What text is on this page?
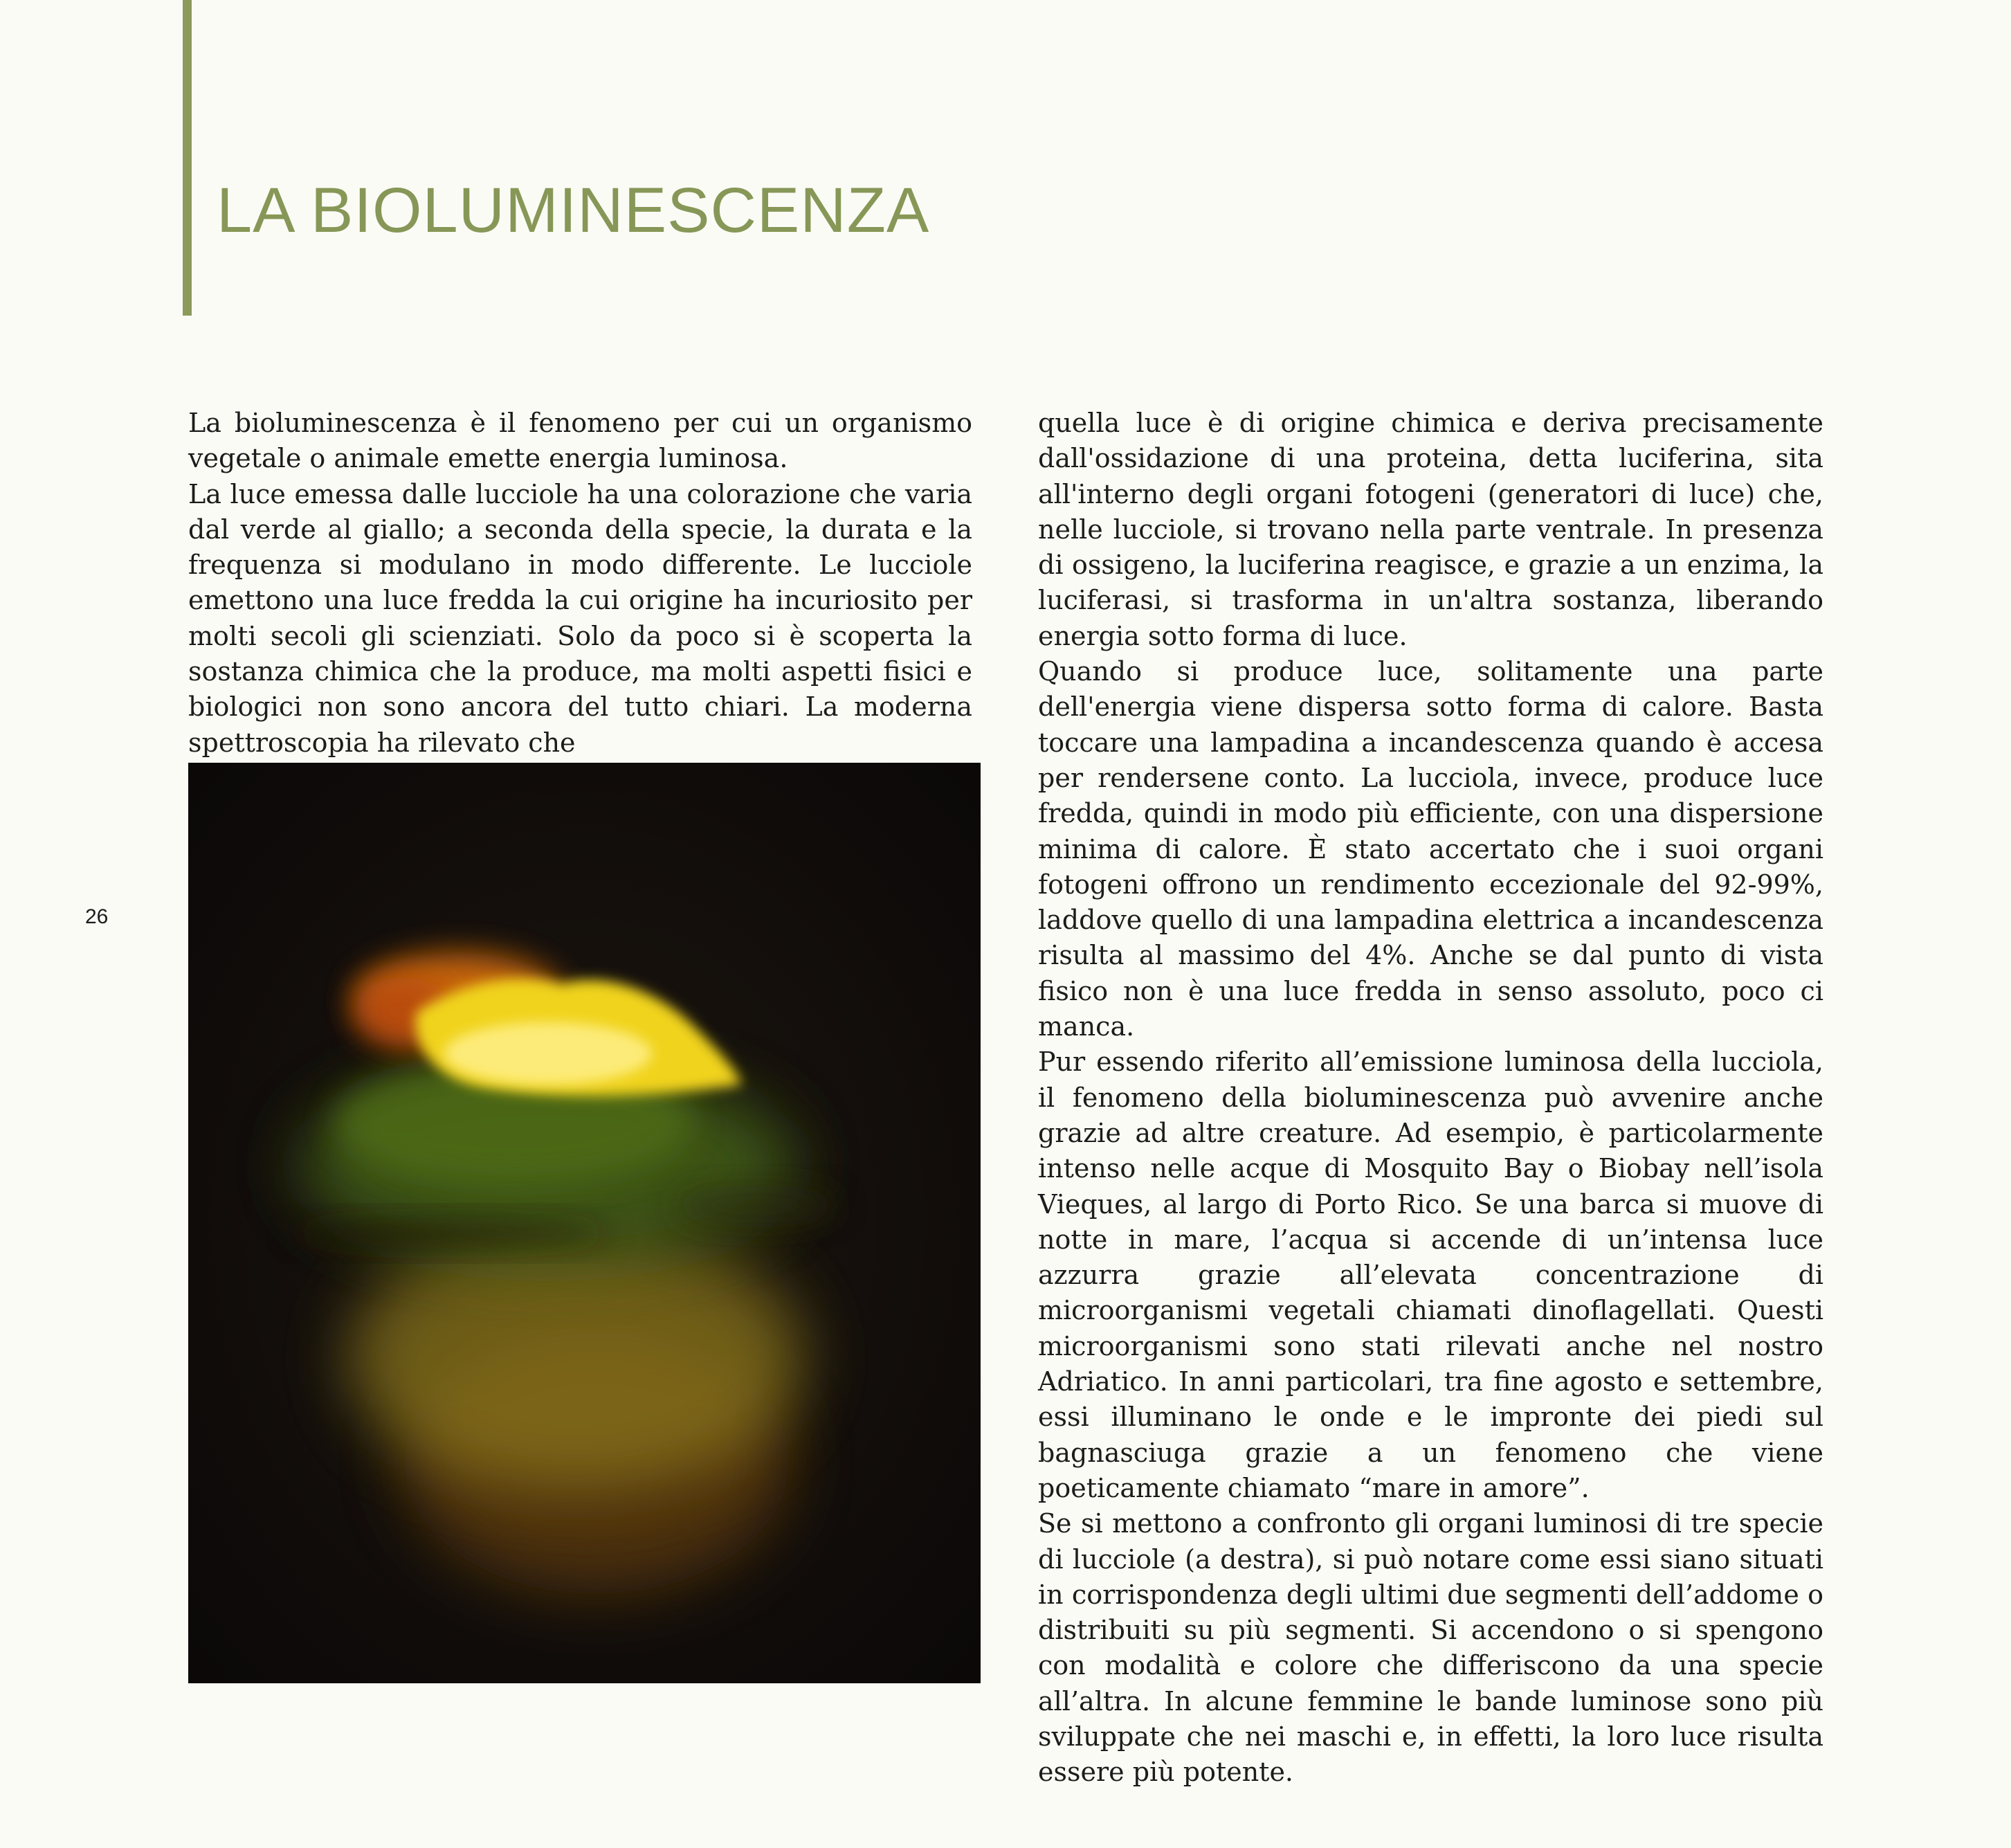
LA BIOLUMINESCENZA
26

La bioluminescenza è il fenomeno per cui un organismo vegetale o animale emette energia luminosa.

La luce emessa dalle lucciole ha una colorazione che varia dal verde al giallo; a seconda della specie, la durata e la frequenza si modulano in modo differente. Le lucciole emettono una luce fredda la cui origine ha incuriosito per molti secoli gli scienziati. Solo da poco si è scoperta la sostanza chimica che la produce, ma molti aspetti fisici e biologici non sono ancora del tutto chiari. La moderna spettroscopia ha rilevato che

quella luce è di origine chimica e deriva precisamente dall'ossidazione di una proteina, detta luciferina, sita all'interno degli organi fotogeni (generatori di luce) che, nelle lucciole, si trovano nella parte ventrale. In presenza di ossigeno, la luciferina reagisce, e grazie a un enzima, la luciferasi, si trasforma in un'altra sostanza, liberando energia sotto forma di luce.

Quando si produce luce, solitamente una parte dell'energia viene dispersa sotto forma di calore. Basta toccare una lampadina a incandescenza quando è accesa per rendersene conto. La lucciola, invece, produce luce fredda, quindi in modo più efficiente, con una dispersione minima di calore. È stato accertato che i suoi organi fotogeni offrono un rendimento eccezionale del 92-99%, laddove quello di una lampadina elettrica a incandescenza risulta al massimo del 4%. Anche se dal punto di vista fisico non è una luce fredda in senso assoluto, poco ci manca.

Pur essendo riferito all’emissione luminosa della lucciola, il fenomeno della bioluminescenza può avvenire anche grazie ad altre creature. Ad esempio, è particolarmente intenso nelle acque di Mosquito Bay o Biobay nell’isola Vieques, al largo di Porto Rico. Se una barca si muove di notte in mare, l’acqua si accende di un’intensa luce azzurra grazie all’elevata concentrazione di microorganismi vegetali chiamati dinoflagellati. Questi microorganismi sono stati rilevati anche nel nostro Adriatico. In anni particolari, tra fine agosto e settembre, essi illuminano le onde e le impronte dei piedi sul bagnasciuga grazie a un fenomeno che viene poeticamente chiamato “mare in amore”.

Se si mettono a confronto gli organi luminosi di tre specie di lucciole (a destra), si può notare come essi siano situati in corrispondenza degli ultimi due segmenti dell’addome o distribuiti su più segmenti. Si accendono o si spengono con modalità e colore che differiscono da una specie all’altra. In alcune femmine le bande luminose sono più sviluppate che nei maschi e, in effetti, la loro luce risulta essere più potente.
